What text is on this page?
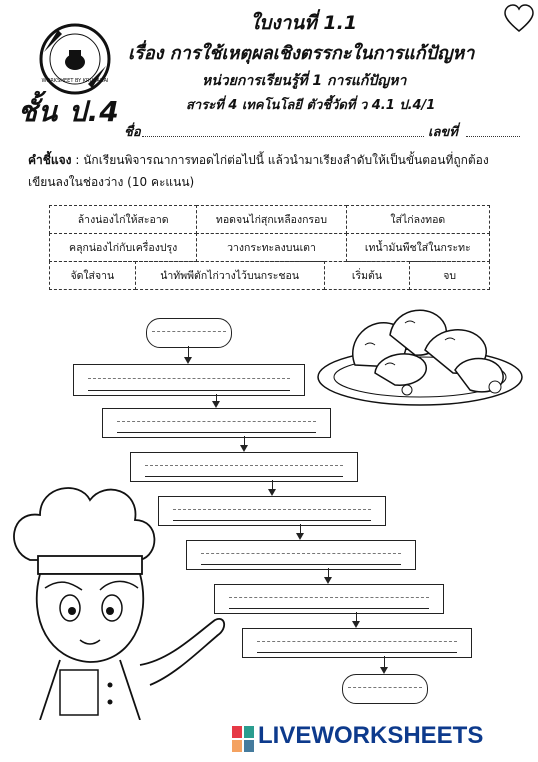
WORKSHEET BY KRUSAHAI
ใบงานที่ 1.1
เรื่อง การใช้เหตุผลเชิงตรรกะในการแก้ปัญหา
หน่วยการเรียนรู้ที่ 1 การแก้ปัญหา
สาระที่ 4 เทคโนโลยี ตัวชี้วัดที่ ว 4.1 ป.4/1
ชั้น ป.4
ชื่อ	เลขที่
คำชี้แจง : นักเรียนพิจารณาการทอดไก่ต่อไปนี้ แล้วนำมาเรียงลำดับให้เป็นขั้นตอนที่ถูกต้อง เขียนลงในช่องว่าง (10 คะแนน)
ล้างน่องไก่ให้สะอาด	ทอดจนไก่สุกเหลืองกรอบ	ใส่ไก่ลงทอด
คลุกน่องไก่กับเครื่องปรุง	วางกระทะลงบนเตา	เทน้ำมันพืชใส่ในกระทะ
จัดใส่จาน	นำทัพพีตักไก่วางไว้บนกระชอน	เริ่มต้น	จบ
LIVEWORKSHEETS
